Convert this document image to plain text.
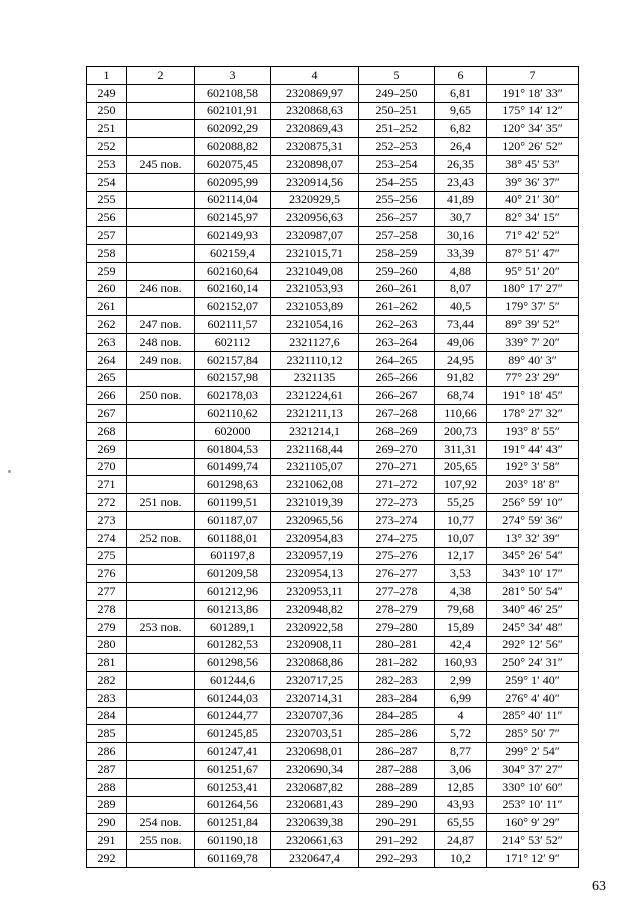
1	2	3	4	5	6	7
249		602108,58	2320869,97	249–250	6,81	191° 18′ 33″
250		602101,91	2320868,63	250–251	9,65	175° 14′ 12″
251		602092,29	2320869,43	251–252	6,82	120° 34′ 35″
252		602088,82	2320875,31	252–253	26,4	120° 26′ 52″
253	245 пов.	602075,45	2320898,07	253–254	26,35	38° 45′ 53″
254		602095,99	2320914,56	254–255	23,43	39° 36′ 37″
255		602114,04	2320929,5	255–256	41,89	40° 21′ 30″
256		602145,97	2320956,63	256–257	30,7	82° 34′ 15″
257		602149,93	2320987,07	257–258	30,16	71° 42′ 52″
258		602159,4	2321015,71	258–259	33,39	87° 51′ 47″
259		602160,64	2321049,08	259–260	4,88	95° 51′ 20″
260	246 пов.	602160,14	2321053,93	260–261	8,07	180° 17′ 27″
261		602152,07	2321053,89	261–262	40,5	179° 37′ 5″
262	247 пов.	602111,57	2321054,16	262–263	73,44	89° 39′ 52″
263	248 пов.	602112	2321127,6	263–264	49,06	339° 7′ 20″
264	249 пов.	602157,84	2321110,12	264–265	24,95	89° 40′ 3″
265		602157,98	2321135	265–266	91,82	77° 23′ 29″
266	250 пов.	602178,03	2321224,61	266–267	68,74	191° 18′ 45″
267		602110,62	2321211,13	267–268	110,66	178° 27′ 32″
268		602000	2321214,1	268–269	200,73	193° 8′ 55″
269		601804,53	2321168,44	269–270	311,31	191° 44′ 43″
270		601499,74	2321105,07	270–271	205,65	192° 3′ 58″
271		601298,63	2321062,08	271–272	107,92	203° 18′ 8″
272	251 пов.	601199,51	2321019,39	272–273	55,25	256° 59′ 10″
273		601187,07	2320965,56	273–274	10,77	274° 59′ 36″
274	252 пов.	601188,01	2320954,83	274–275	10,07	13° 32′ 39″
275		601197,8	2320957,19	275–276	12,17	345° 26′ 54″
276		601209,58	2320954,13	276–277	3,53	343° 10′ 17″
277		601212,96	2320953,11	277–278	4,38	281° 50′ 54″
278		601213,86	2320948,82	278–279	79,68	340° 46′ 25″
279	253 пов.	601289,1	2320922,58	279–280	15,89	245° 34′ 48″
280		601282,53	2320908,11	280–281	42,4	292° 12′ 56″
281		601298,56	2320868,86	281–282	160,93	250° 24′ 31″
282		601244,6	2320717,25	282–283	2,99	259° 1′ 40″
283		601244,03	2320714,31	283–284	6,99	276° 4′ 40″
284		601244,77	2320707,36	284–285	4	285° 40′ 11″
285		601245,85	2320703,51	285–286	5,72	285° 50′ 7″
286		601247,41	2320698,01	286–287	8,77	299° 2′ 54″
287		601251,67	2320690,34	287–288	3,06	304° 37′ 27″
288		601253,41	2320687,82	288–289	12,85	330° 10′ 60″
289		601264,56	2320681,43	289–290	43,93	253° 10′ 11″
290	254 пов.	601251,84	2320639,38	290–291	65,55	160° 9′ 29″
291	255 пов.	601190,18	2320661,63	291–292	24,87	214° 53′ 52″
292		601169,78	2320647,4	292–293	10,2	171° 12′ 9″
63
